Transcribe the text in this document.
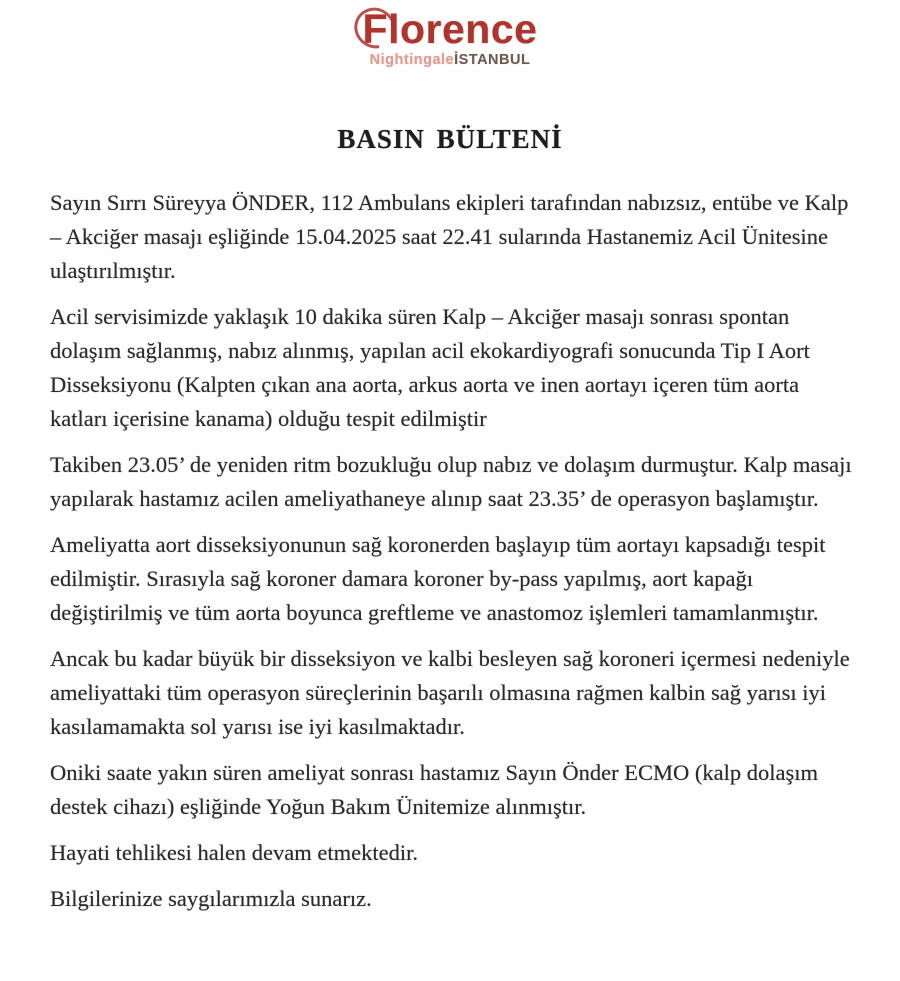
Florence
NightingaleİSTANBUL
BASIN BÜLTENİ

Sayın Sırrı Süreyya ÖNDER, 112 Ambulans ekipleri tarafından nabızsız, entübe ve Kalp – Akciğer masajı eşliğinde 15.04.2025 saat 22.41 sularında Hastanemiz Acil Ünitesine ulaştırılmıştır.

Acil servisimizde yaklaşık 10 dakika süren Kalp – Akciğer masajı sonrası spontan dolaşım sağlanmış, nabız alınmış, yapılan acil ekokardiyografi sonucunda Tip I Aort Disseksiyonu (Kalpten çıkan ana aorta, arkus aorta ve inen aortayı içeren tüm aorta katları içerisine kanama) olduğu tespit edilmiştir

Takiben 23.05’ de yeniden ritm bozukluğu olup nabız ve dolaşım durmuştur. Kalp masajı yapılarak hastamız acilen ameliyathaneye alınıp saat 23.35’ de operasyon başlamıştır.

Ameliyatta aort disseksiyonunun sağ koronerden başlayıp tüm aortayı kapsadığı tespit edilmiştir. Sırasıyla sağ koroner damara koroner by-pass yapılmış, aort kapağı değiştirilmiş ve tüm aorta boyunca greftleme ve anastomoz işlemleri tamamlanmıştır.

Ancak bu kadar büyük bir disseksiyon ve kalbi besleyen sağ koroneri içermesi nedeniyle ameliyattaki tüm operasyon süreçlerinin başarılı olmasına rağmen kalbin sağ yarısı iyi kasılamamakta sol yarısı ise iyi kasılmaktadır.

Oniki saate yakın süren ameliyat sonrası hastamız Sayın Önder ECMO (kalp dolaşım destek cihazı) eşliğinde Yoğun Bakım Ünitemize alınmıştır.

Hayati tehlikesi halen devam etmektedir.

Bilgilerinize saygılarımızla sunarız.
